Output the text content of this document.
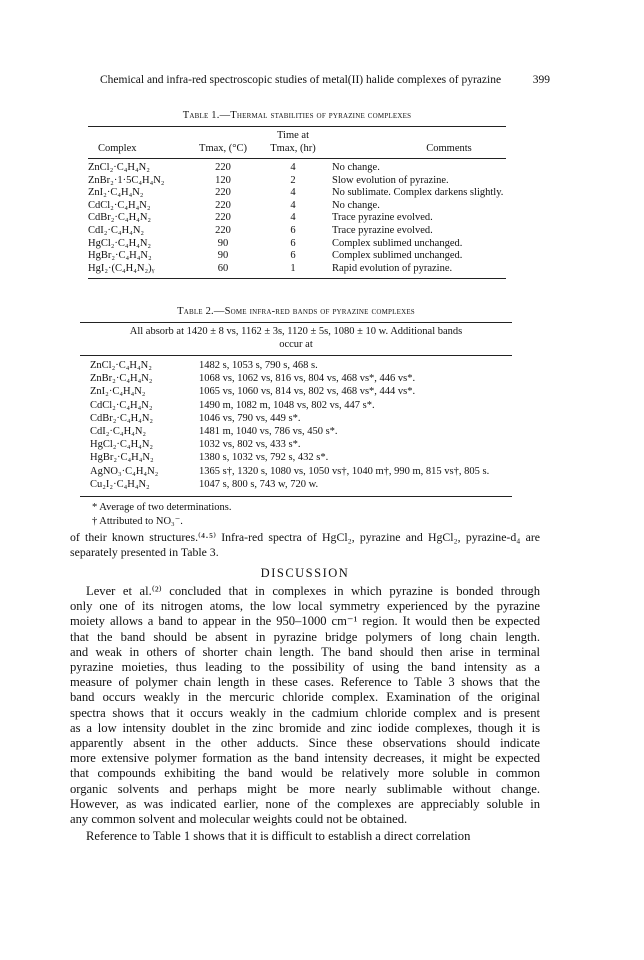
Chemical and infra-red spectroscopic studies of metal(II) halide complexes of pyrazine	399
Table 1.—Thermal stabilities of pyrazine complexes
Time at
Complex	Tmax, (°C)	Tmax, (hr)	Comments
ZnCl₂·C₄H₄N₂	220	4	No change.
ZnBr₂·1·5C₄H₄N₂	120	2	Slow evolution of pyrazine.
ZnI₂·C₄H₄N₂	220	4	No sublimate. Complex darkens slightly.
CdCl₂·C₄H₄N₂	220	4	No change.
CdBr₂·C₄H₄N₂	220	4	Trace pyrazine evolved.
CdI₂·C₄H₄N₂	220	6	Trace pyrazine evolved.
HgCl₂·C₄H₄N₂	90	6	Complex sublimed unchanged.
HgBr₂·C₄H₄N₂	90	6	Complex sublimed unchanged.
HgI₂·(C₄H₄N₂)ᵧ	60	1	Rapid evolution of pyrazine.
Table 2.—Some infra-red bands of pyrazine complexes
All absorb at 1420 ± 8 vs, 1162 ± 3s, 1120 ± 5s, 1080 ± 10 w. Additional bands
occur at
ZnCl₂·C₄H₄N₂	1482 s, 1053 s, 790 s, 468 s.
ZnBr₂·C₄H₄N₂	1068 vs, 1062 vs, 816 vs, 804 vs, 468 vs*, 446 vs*.
ZnI₂·C₄H₄N₂	1065 vs, 1060 vs, 814 vs, 802 vs, 468 vs*, 444 vs*.
CdCl₂·C₄H₄N₂	1490 m, 1082 m, 1048 vs, 802 vs, 447 s*.
CdBr₂·C₄H₄N₂	1046 vs, 790 vs, 449 s*.
CdI₂·C₄H₄N₂	1481 m, 1040 vs, 786 vs, 450 s*.
HgCl₂·C₄H₄N₂	1032 vs, 802 vs, 433 s*.
HgBr₂·C₄H₄N₂	1380 s, 1032 vs, 792 s, 432 s*.
AgNO₃·C₄H₄N₂	1365 s†, 1320 s, 1080 vs, 1050 vs†, 1040 m†, 990 m, 815 vs†, 805 s.
Cu₂I₂·C₄H₄N₂	1047 s, 800 s, 743 w, 720 w.
* Average of two determinations.
† Attributed to NO₃⁻.
of their known structures.⁽⁴·⁵⁾ Infra-red spectra of HgCl₂, pyrazine and HgCl₂, pyrazine-d₄ are separately presented in Table 3.
DISCUSSION
Lever et al.⁽²⁾ concluded that in complexes in which pyrazine is bonded through
only one of its nitrogen atoms, the low local symmetry experienced by the pyrazine
moiety allows a band to appear in the 950–1000 cm⁻¹ region. It would then be expected
that the band should be absent in pyrazine bridge polymers of long chain length.
and weak in others of shorter chain length. The band should then arise in terminal
pyrazine moieties, thus leading to the possibility of using the band intensity as a
measure of polymer chain length in these cases. Reference to Table 3 shows that the
band occurs weakly in the mercuric chloride complex. Examination of the original
spectra shows that it occurs weakly in the cadmium chloride complex and is present
as a low intensity doublet in the zinc bromide and zinc iodide complexes, though it is
apparently absent in the other adducts. Since these observations should indicate
more extensive polymer formation as the band intensity decreases, it might be expected
that compounds exhibiting the band would be relatively more soluble in common
organic solvents and perhaps might be more nearly sublimable without change.
However, as was indicated earlier, none of the complexes are appreciably soluble in
any common solvent and molecular weights could not be obtained.
Reference to Table 1 shows that it is difficult to establish a direct correlation
